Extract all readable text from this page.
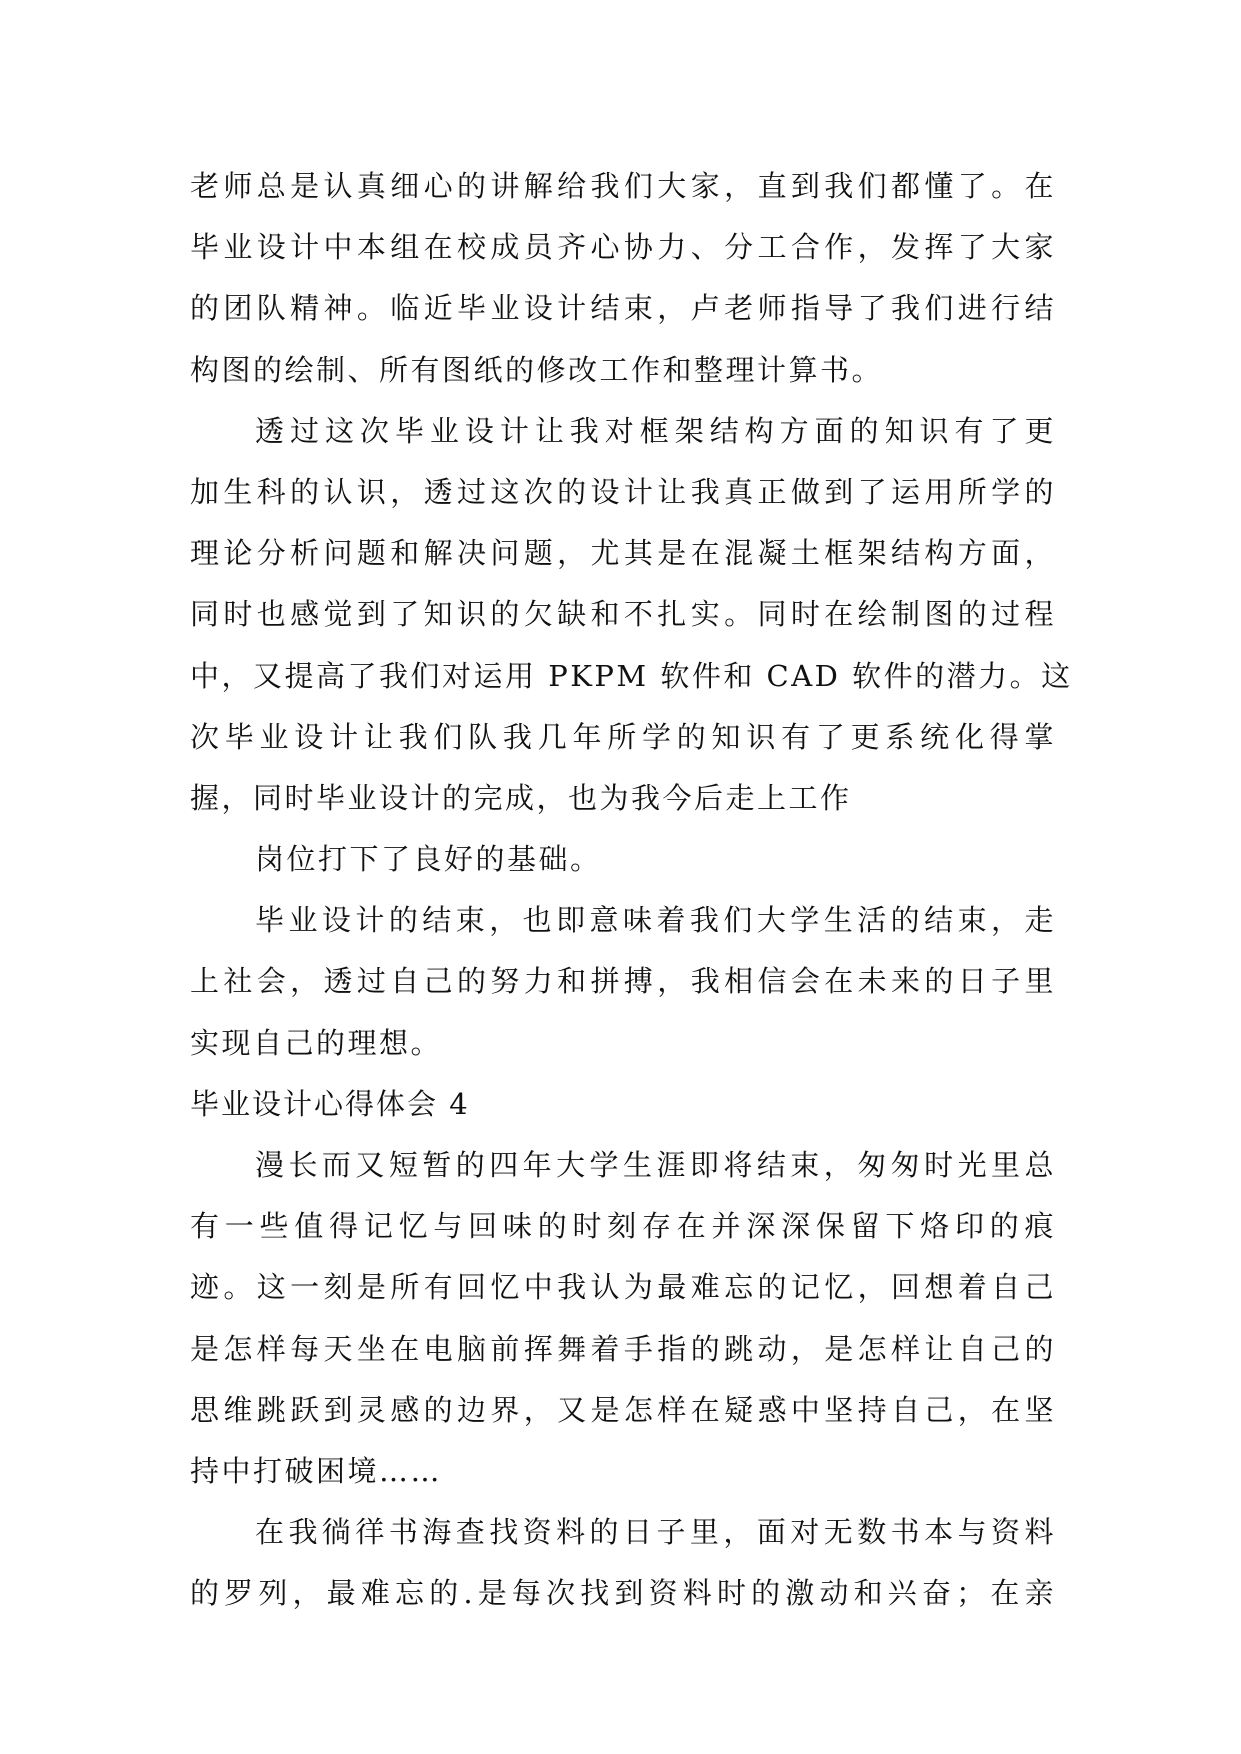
老师总是认真细心的讲解给我们大家，直到我们都懂了。在
毕业设计中本组在校成员齐心协力、分工合作，发挥了大家
的团队精神。临近毕业设计结束，卢老师指导了我们进行结
构图的绘制、所有图纸的修改工作和整理计算书。
透过这次毕业设计让我对框架结构方面的知识有了更
加生科的认识，透过这次的设计让我真正做到了运用所学的
理论分析问题和解决问题，尤其是在混凝土框架结构方面，
同时也感觉到了知识的欠缺和不扎实。同时在绘制图的过程
中，又提高了我们对运用 PKPM 软件和 CAD 软件的潜力。这
次毕业设计让我们队我几年所学的知识有了更系统化得掌
握，同时毕业设计的完成，也为我今后走上工作
岗位打下了良好的基础。
毕业设计的结束，也即意味着我们大学生活的结束，走
上社会，透过自己的努力和拼搏，我相信会在未来的日子里
实现自己的理想。
毕业设计心得体会 4
漫长而又短暂的四年大学生涯即将结束，匆匆时光里总
有一些值得记忆与回味的时刻存在并深深保留下烙印的痕
迹。这一刻是所有回忆中我认为最难忘的记忆，回想着自己
是怎样每天坐在电脑前挥舞着手指的跳动，是怎样让自己的
思维跳跃到灵感的边界，又是怎样在疑惑中坚持自己，在坚
持中打破困境……
在我徜徉书海查找资料的日子里，面对无数书本与资料
的罗列，最难忘的.是每次找到资料时的激动和兴奋；在亲
